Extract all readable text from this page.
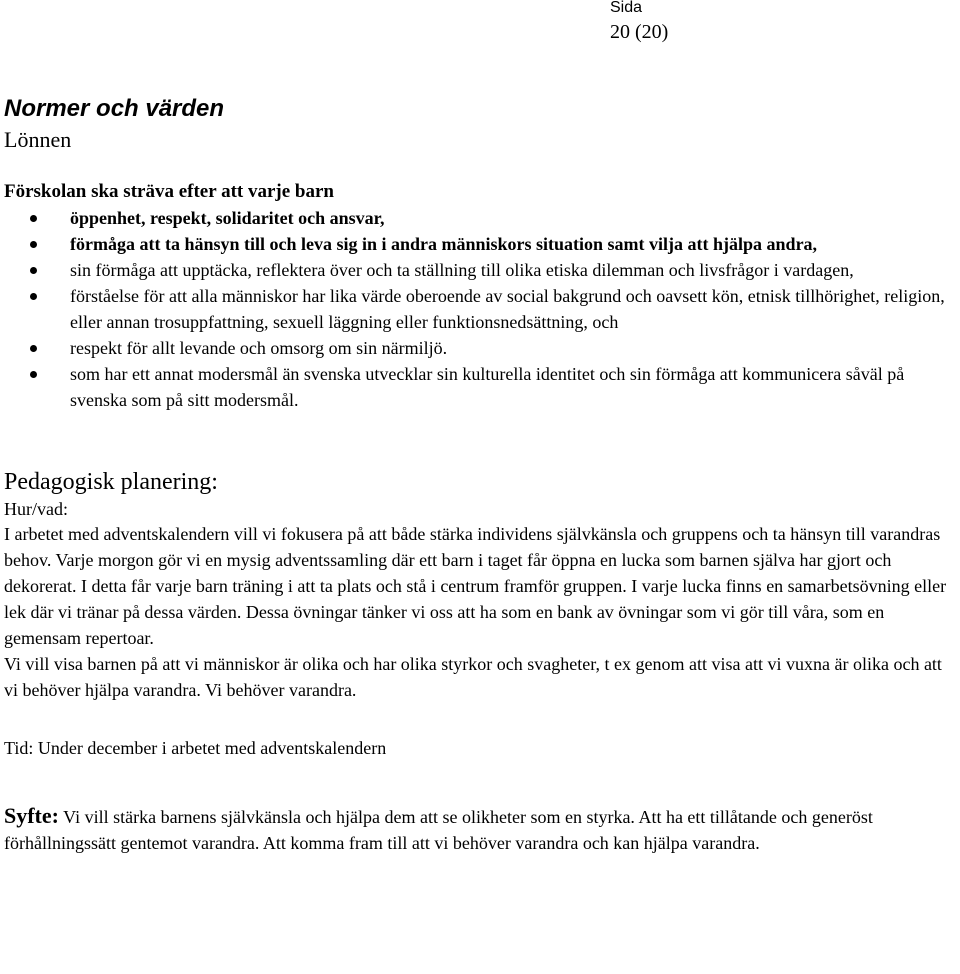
Sida
20 (20)
Normer och värden
Lönnen
Förskolan ska sträva efter att varje barn
öppenhet, respekt, solidaritet och ansvar,
förmåga att ta hänsyn till och leva sig in i andra människors situation samt vilja att hjälpa andra,
sin förmåga att upptäcka, reflektera över och ta ställning till olika etiska dilemman och livsfrågor i vardagen,
förståelse för att alla människor har lika värde oberoende av social bakgrund och oavsett kön, etnisk tillhörighet, religion, eller annan trosuppfattning, sexuell läggning eller funktionsnedsättning, och
respekt för allt levande och omsorg om sin närmiljö.
som har ett annat modersmål än svenska utvecklar sin kulturella identitet och sin förmåga att kommunicera såväl på svenska som på sitt modersmål.
Pedagogisk planering:
Hur/vad:

I arbetet med adventskalendern vill vi fokusera på att både stärka individens självkänsla och gruppens och ta hänsyn till varandras behov. Varje morgon gör vi en mysig adventssamling där ett barn i taget får öppna en lucka som barnen själva har gjort och dekorerat. I detta får varje barn träning i att ta plats och stå i centrum framför gruppen. I varje lucka finns en samarbetsövning eller lek där vi tränar på dessa värden. Dessa övningar tänker vi oss att ha som en bank av övningar som vi gör till våra, som en gemensam repertoar.

Vi vill visa barnen på att vi människor är olika och har olika styrkor och svagheter, t ex genom att visa att vi vuxna är olika och att vi behöver hjälpa varandra. Vi behöver varandra.

Tid: Under december i arbetet med adventskalendern
Syfte: Vi vill stärka barnens självkänsla och hjälpa dem att se olikheter som en styrka. Att ha ett tillåtande och generöst förhållningssätt gentemot varandra. Att komma fram till att vi behöver varandra och kan hjälpa varandra.
